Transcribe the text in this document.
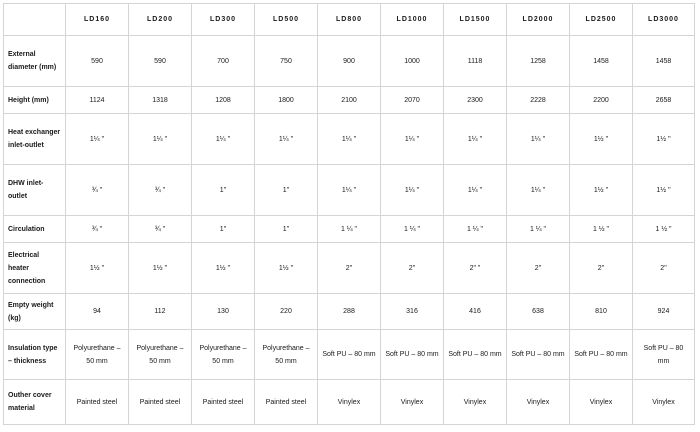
	LD160	LD200	LD300	LD500	LD800	LD1000	LD1500	LD2000	LD2500	LD3000
External diameter (mm)	590	590	700	750	900	1000	1118	1258	1458	1458
Height (mm)	1124	1318	1208	1800	2100	2070	2300	2228	2200	2658
Heat exchanger inlet-outlet	1¼ "	1¼ "	1¼ "	1¼ "	1¼ "	1¼ "	1¼ "	1¼ "	1½ "	1½ "
DHW inlet-outlet	¾ "	¾ "	1"	1"	1¼ "	1¼ "	1¼ "	1¼ "	1½ "	1½ "
Circulation	¾ "	¾ "	1"	1"	1 ¼ "	1 ¼ "	1 ¼ "	1 ¼ "	1 ½ "	1 ½ "
Electrical heater connection	1½ "	1½ "	1½ "	1½ "	2"	2"	2" "	2"	2"	2"
Empty weight (kg)	94	112	130	220	288	316	416	638	810	924
Insulation type – thickness	Polyurethane – 50 mm	Polyurethane – 50 mm	Polyurethane – 50 mm	Polyurethane – 50 mm	Soft PU – 80 mm	Soft PU – 80 mm	Soft PU – 80 mm	Soft PU – 80 mm	Soft PU – 80 mm	Soft PU – 80 mm
Outher cover material	Painted steel	Painted steel	Painted steel	Painted steel	Vinylex	Vinylex	Vinylex	Vinylex	Vinylex	Vinylex
